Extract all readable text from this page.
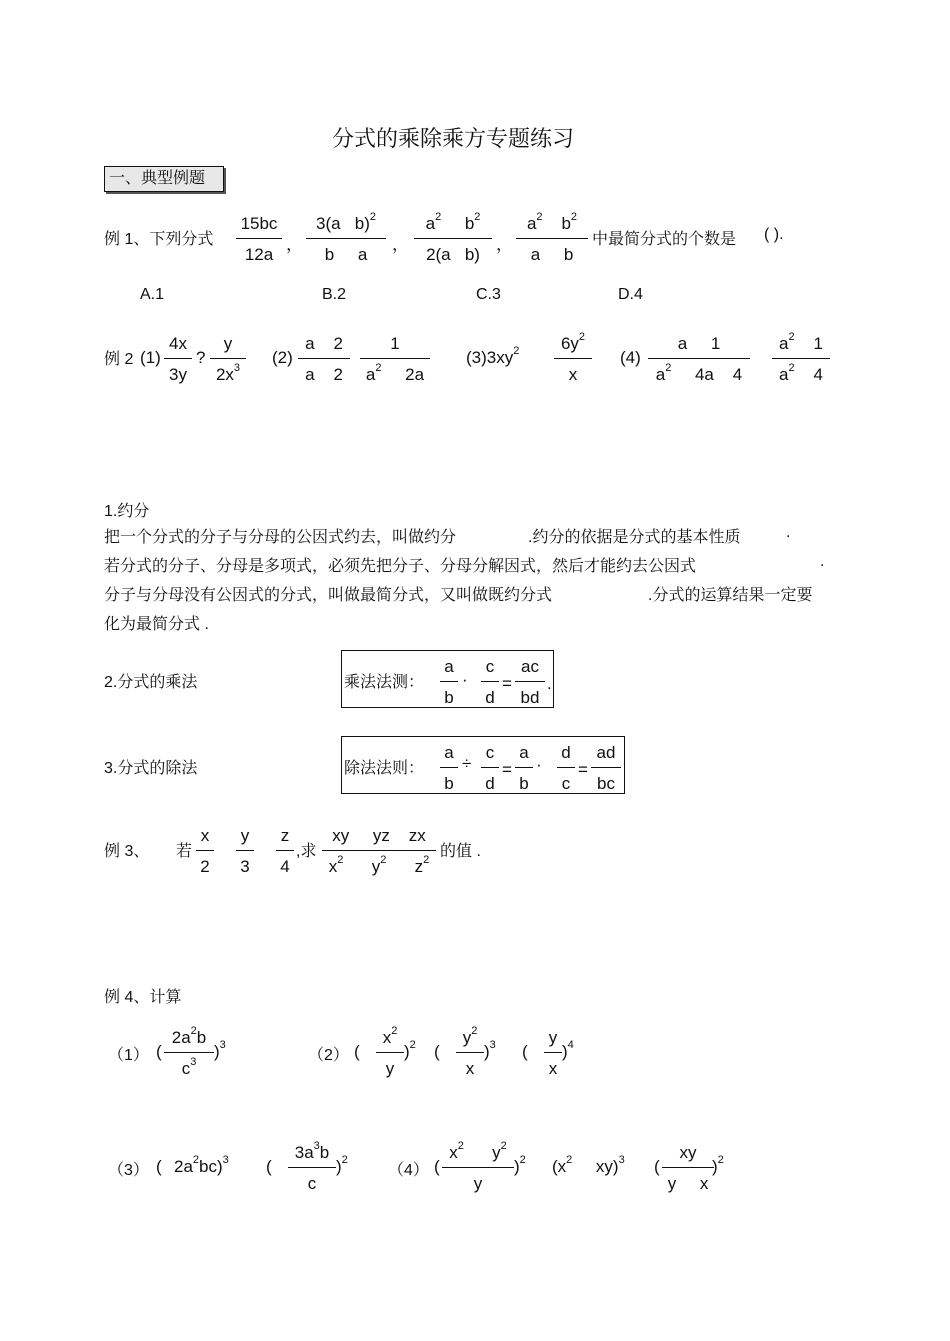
分式的乘除乘方专题练习
一、典型例题
例 1、下列分式 $\frac{15bc}{12a}$ ， $\frac{3(a b)^2}{\text{b a}}$ ， $\frac{a^2 b^2}{\text{2(a b)}}$ ， $\frac{a^2 b^2}{\text{a b}}$ 中最简分式的个数是 ( ).
A.1	B.2	C.3	D.4
例 2 $(1) \frac{4x}{3y}$ ? $\frac{y}{2x^3} (2) \frac{a 2}{a 2} \frac{1}{a^2 2a} (3)3xy^2 \frac{6y^2}{x} (4) \frac{a 1}{a^2 4a 4} \frac{a^2 1}{a^2 4}$
1.约分
把一个分式的分子与分母的公因式约去，叫做约分	.约分的依据是分式的基本性质	.
若分式的分子、分母是多项式，必须先把分子、分母分解因式，然后才能约去公因式	.
分子与分母没有公因式的分式，叫做最简分式，又叫做既约分式	.分式的运算结果一定要
化为最简分式 .
2.分式的乘法	乘法法测： $\frac{a}{b} \cdot \frac{c}{d} = \frac{ac}{bd}$ .
3.分式的除法	除法法则： $\frac{a}{b} \div \frac{c}{d} = \frac{a}{b} \cdot \frac{d}{c} = \frac{ad}{bc}$
例 3、 若 $\frac{x}{2} \frac{y}{3} \frac{z}{4}$ ,求 $\frac{\text{xy yz zx}}{x^2 y^2 z^2}$ 的值 .
例 4、计算
（1） ( $\frac{2a^2b}{c^3} )^3$
（2） ( $\frac{x^2}{y} )^2$ ( $\frac{y^2}{x} )^3$ ( $\frac{y}{x} )^4$
（3） ( $2a^2bc)^3$ ( $\frac{3a^3b}{c} )^2$
（4） ( $\frac{x^2 y^2}{y} )^2$ ($x^2$ xy)$^3$ ( $\frac{xy}{\text{y x}}$
)$^2$
